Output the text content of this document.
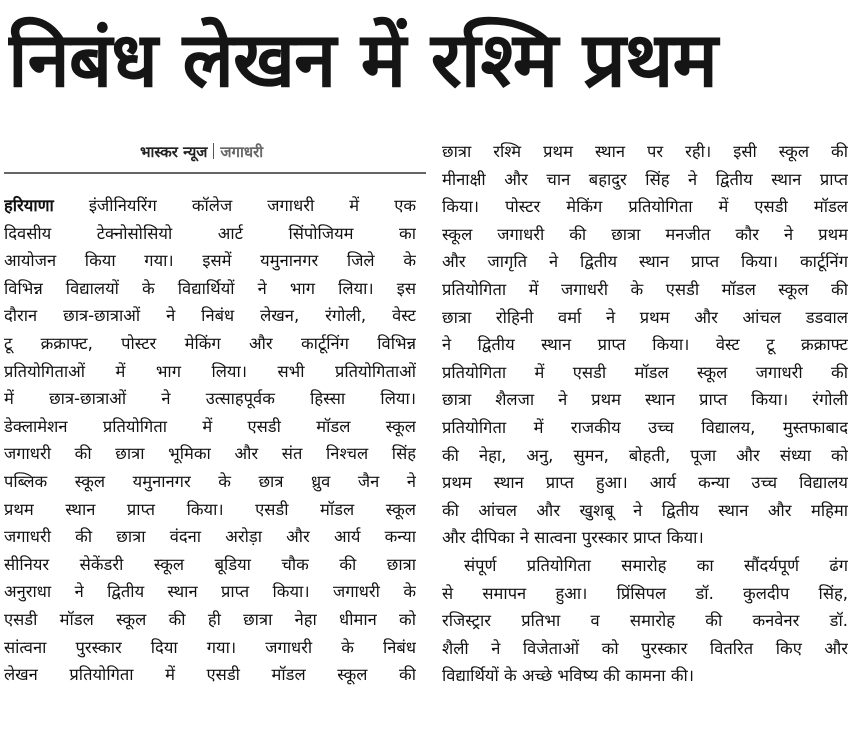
निबंध लेखन में रश्मि प्रथम
भास्कर न्यूज जगाधरी
हरियाणा इंजीनियरिंग कॉलेज जगाधरी में एक
दिवसीय टेक्नोसोसियो आर्ट सिंपोजियम का
आयोजन किया गया। इसमें यमुनानगर जिले के
विभिन्न विद्यालयों के विद्यार्थियों ने भाग लिया। इस
दौरान छात्र-छात्राओं ने निबंध लेखन, रंगोली, वेस्ट
टू क्रक्राफ्ट, पोस्टर मेकिंग और कार्टूनिंग विभिन्न
प्रतियोगिताओं में भाग लिया। सभी प्रतियोगिताओं
में छात्र-छात्राओं ने उत्साहपूर्वक हिस्सा लिया।
डेक्लामेशन प्रतियोगिता में एसडी मॉडल स्कूल
जगाधरी की छात्रा भूमिका और संत निश्चल सिंह
पब्लिक स्कूल यमुनानगर के छात्र ध्रुव जैन ने
प्रथम स्थान प्राप्त किया। एसडी मॉडल स्कूल
जगाधरी की छात्रा वंदना अरोड़ा और आर्य कन्या
सीनियर सेकेंडरी स्कूल बूडिया चौक की छात्रा
अनुराधा ने द्वितीय स्थान प्राप्त किया। जगाधरी के
एसडी मॉडल स्कूल की ही छात्रा नेहा धीमान को
सांत्वना पुरस्कार दिया गया। जगाधरी के निबंध
लेखन प्रतियोगिता में एसडी मॉडल स्कूल की
छात्रा रश्मि प्रथम स्थान पर रही। इसी स्कूल की
मीनाक्षी और चान बहादुर सिंह ने द्वितीय स्थान प्राप्त
किया। पोस्टर मेकिंग प्रतियोगिता में एसडी मॉडल
स्कूल जगाधरी की छात्रा मनजीत कौर ने प्रथम
और जागृति ने द्वितीय स्थान प्राप्त किया। कार्टूनिंग
प्रतियोगिता में जगाधरी के एसडी मॉडल स्कूल की
छात्रा रोहिनी वर्मा ने प्रथम और आंचल डडवाल
ने द्वितीय स्थान प्राप्त किया। वेस्ट टू क्रक्राफ्ट
प्रतियोगिता में एसडी मॉडल स्कूल जगाधरी की
छात्रा शैलजा ने प्रथम स्थान प्राप्त किया। रंगोली
प्रतियोगिता में राजकीय उच्च विद्यालय, मुस्तफाबाद
की नेहा, अनु, सुमन, बोहती, पूजा और संध्या को
प्रथम स्थान प्राप्त हुआ। आर्य कन्या उच्च विद्यालय
की आंचल और खुशबू ने द्वितीय स्थान और महिमा
और दीपिका ने सात्वना पुरस्कार प्राप्त किया।
संपूर्ण प्रतियोगिता समारोह का सौंदर्यपूर्ण ढंग
से समापन हुआ। प्रिंसिपल डॉ. कुलदीप सिंह,
रजिस्ट्रार प्रतिभा व समारोह की कनवेनर डॉ.
शैली ने विजेताओं को पुरस्कार वितरित किए और
विद्यार्थियों के अच्छे भविष्य की कामना की।
